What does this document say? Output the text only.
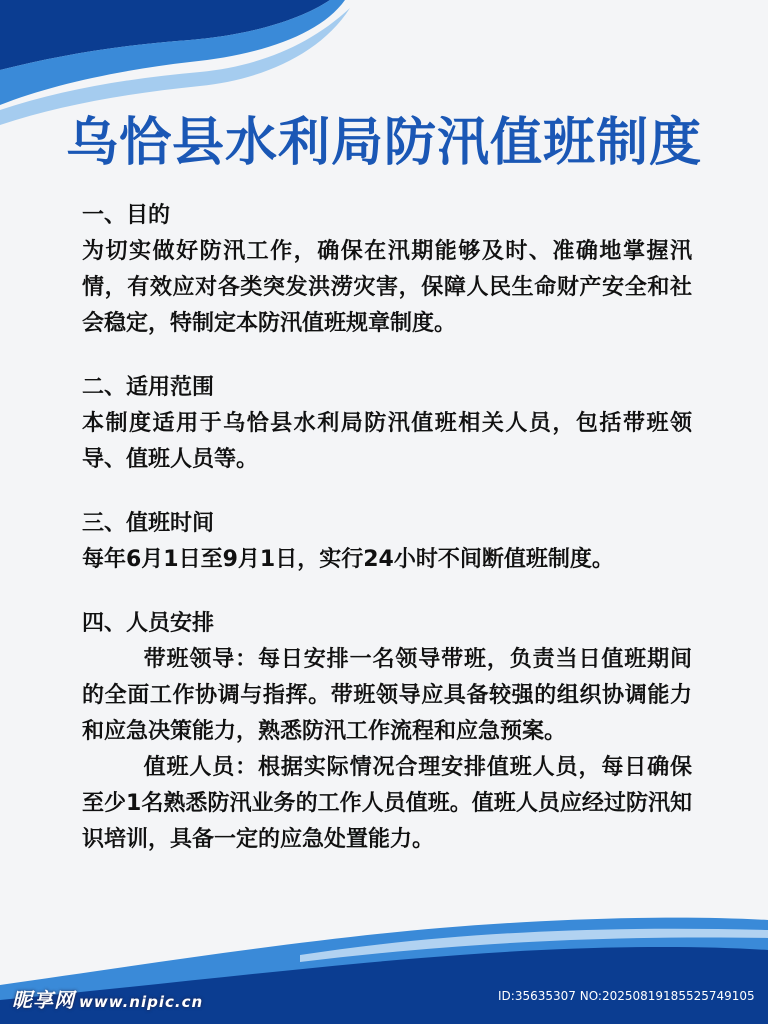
乌恰县水利局防汛值班制度
一、目的
为切实做好防汛工作，确保在汛期能够及时、准确地掌握汛情，有效应对各类突发洪涝灾害，保障人民生命财产安全和社会稳定，特制定本防汛值班规章制度。
二、适用范围
本制度适用于乌恰县水利局防汛值班相关人员，包括带班领导、值班人员等。
三、值班时间
每年6月1日至9月1日，实行24小时不间断值班制度。
四、人员安排
带班领导：每日安排一名领导带班，负责当日值班期间的全面工作协调与指挥。带班领导应具备较强的组织协调能力和应急决策能力，熟悉防汛工作流程和应急预案。
值班人员：根据实际情况合理安排值班人员，每日确保至少1名熟悉防汛业务的工作人员值班。值班人员应经过防汛知识培训，具备一定的应急处置能力。
昵享网 www.nipic.cn	ID:35635307 NO:20250819185525749105
